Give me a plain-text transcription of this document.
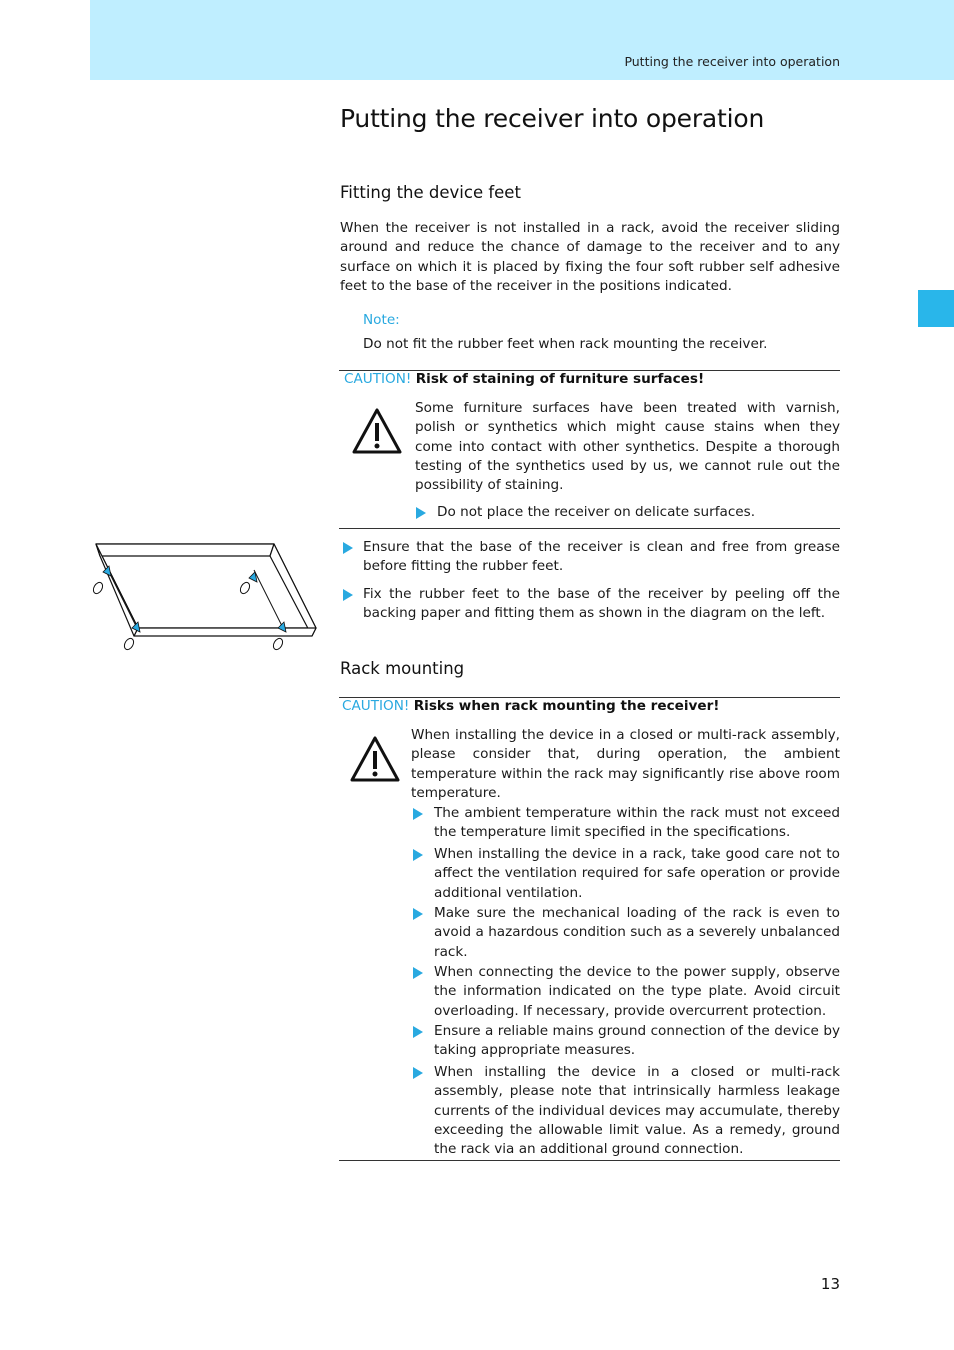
Putting the receiver into operation
Putting the receiver into operation
Fitting the device feet

When the receiver is not installed in a rack, avoid the receiver sliding around and reduce the chance of damage to the receiver and to any surface on which it is placed by fixing the four soft rubber self adhesive feet to the base of the receiver in the positions indicated.

Note:
Do not fit the rubber feet when rack mounting the receiver.
CAUTION! Risk of staining of furniture surfaces!

Some furniture surfaces have been treated with varnish, polish or synthetics which might cause stains when they come into contact with other synthetics. Despite a thorough testing of the synthetics used by us, we cannot rule out the possibility of staining.

Do not place the receiver on delicate surfaces.
Ensure that the base of the receiver is clean and free from grease before fitting the rubber feet.
Fix the rubber feet to the base of the receiver by peeling off the backing paper and fitting them as shown in the diagram on the left.
Rack mounting
CAUTION! Risks when rack mounting the receiver!

When installing the device in a closed or multi-rack assembly, please consider that, during operation, the ambient temperature within the rack may significantly rise above room temperature.

The ambient temperature within the rack must not exceed the temperature limit specified in the specifications.
When installing the device in a rack, take good care not to affect the ventilation required for safe operation or provide additional ventilation.
Make sure the mechanical loading of the rack is even to avoid a hazardous condition such as a severely unbalanced rack.
When connecting the device to the power supply, observe the information indicated on the type plate. Avoid circuit overloading. If necessary, provide overcurrent protection.
Ensure a reliable mains ground connection of the device by taking appropriate measures.
When installing the device in a closed or multi-rack assembly, please note that intrinsically harmless leakage currents of the individual devices may accumulate, thereby exceeding the allowable limit value. As a remedy, ground the rack via an additional ground connection.
13
